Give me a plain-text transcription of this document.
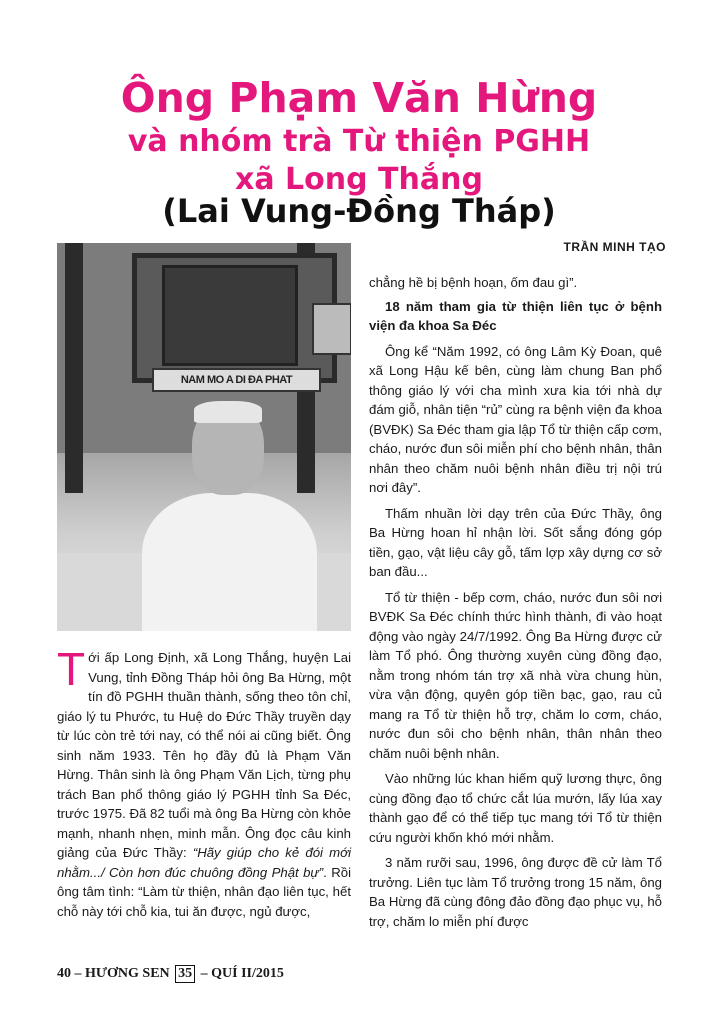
Ông Phạm Văn Hừng
và nhóm trà Từ thiện PGHH
xã Long Thắng
(Lai Vung-Đồng Tháp)
TRẦN MINH TẠO
NAM MO A DI ĐA PHAT

Tới ấp Long Định, xã Long Thắng, huyện Lai Vung, tỉnh Đồng Tháp hỏi ông Ba Hừng, một tín đồ PGHH thuần thành, sống theo tôn chỉ, giáo lý tu Phước, tu Huệ do Đức Thầy truyền dạy từ lúc còn trẻ tới nay, có thể nói ai cũng biết. Ông sinh năm 1933. Tên họ đầy đủ là Phạm Văn Hừng. Thân sinh là ông Phạm Văn Lịch, từng phụ trách Ban phổ thông giáo lý PGHH tỉnh Sa Đéc, trước 1975. Đã 82 tuổi mà ông Ba Hừng còn khỏe mạnh, nhanh nhẹn, minh mẫn. Ông đọc câu kinh giảng của Đức Thầy: “Hãy giúp cho kẻ đói mới nhằm.../ Còn hơn đúc chuông đồng Phật bự”. Rồi ông tâm tình: “Làm từ thiện, nhân đạo liên tục, hết chỗ này tới chỗ kia, tui ăn được, ngủ được,

chẳng hề bị bệnh hoạn, ốm đau gì”.

18 năm tham gia từ thiện liên tục ở bệnh viện đa khoa Sa Đéc

Ông kể “Năm 1992, có ông Lâm Kỳ Đoan, quê xã Long Hậu kế bên, cùng làm chung Ban phổ thông giáo lý với cha mình xưa kia tới nhà dự đám giỗ, nhân tiện “rủ” cùng ra bệnh viện đa khoa (BVĐK) Sa Đéc tham gia lập Tổ từ thiện cấp cơm, cháo, nước đun sôi miễn phí cho bệnh nhân, thân nhân theo chăm nuôi bệnh nhân điều trị nội trú nơi đây”.

Thấm nhuần lời dạy trên của Đức Thầy, ông Ba Hừng hoan hỉ nhận lời. Sốt sắng đóng góp tiền, gạo, vật liệu cây gỗ, tấm lợp xây dựng cơ sở ban đầu...

Tổ từ thiện - bếp cơm, cháo, nước đun sôi nơi BVĐK Sa Đéc chính thức hình thành, đi vào hoạt động vào ngày 24/7/1992. Ông Ba Hừng được cử làm Tổ phó. Ông thường xuyên cùng đồng đạo, nằm trong nhóm tán trợ xã nhà vừa chung hùn, vừa vận động, quyên góp tiền bạc, gạo, rau củ mang ra Tổ từ thiện hỗ trợ, chăm lo cơm, cháo, nước đun sôi cho bệnh nhân, thân nhân theo chăm nuôi bệnh nhân.

Vào những lúc khan hiếm quỹ lương thực, ông cùng đồng đạo tổ chức cắt lúa mướn, lấy lúa xay thành gạo để có thể tiếp tục mang tới Tổ từ thiện cứu người khốn khó mới nhằm.

3 năm rưỡi sau, 1996, ông được đề cử làm Tổ trưởng. Liên tục làm Tổ trưởng trong 15 năm, ông Ba Hừng đã cùng đông đảo đồng đạo phục vụ, hỗ trợ, chăm lo miễn phí được

40 – HƯƠNG SEN 35 – QUÍ II/2015
